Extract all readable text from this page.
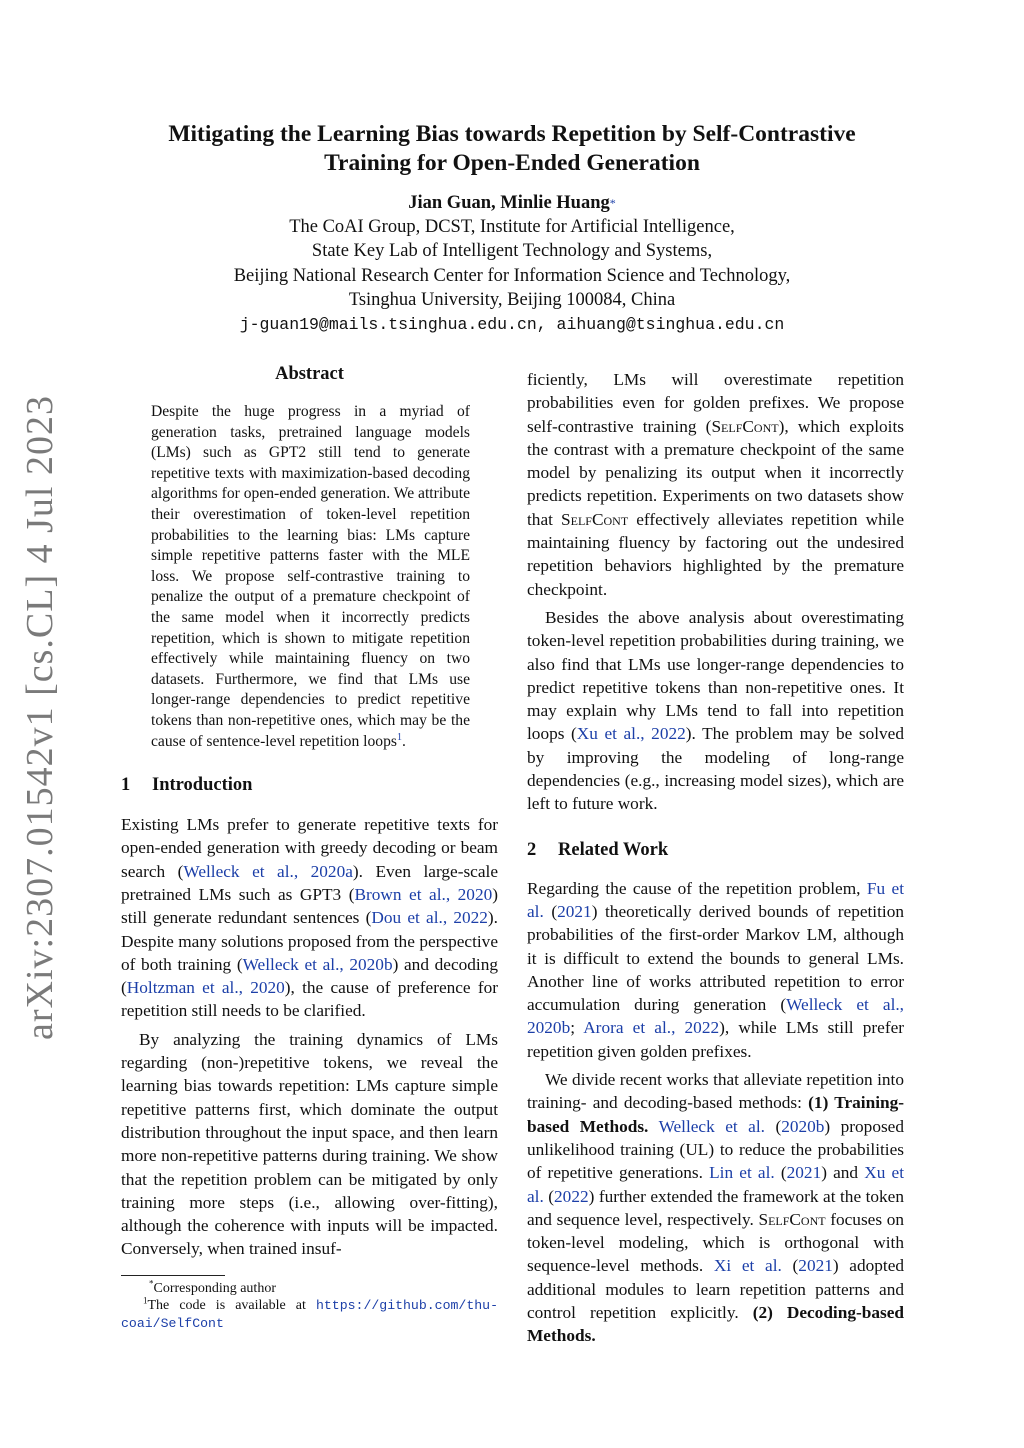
arXiv:2307.01542v1 [cs.CL] 4 Jul 2023
Mitigating the Learning Bias towards Repetition by Self-Contrastive
Training for Open-Ended Generation
Jian Guan, Minlie Huang*
The CoAI Group, DCST, Institute for Artificial Intelligence,
State Key Lab of Intelligent Technology and Systems,
Beijing National Research Center for Information Science and Technology,
Tsinghua University, Beijing 100084, China
j-guan19@mails.tsinghua.edu.cn, aihuang@tsinghua.edu.cn
Abstract

Despite the huge progress in a myriad of generation tasks, pretrained language models (LMs) such as GPT2 still tend to generate repetitive texts with maximization-based decoding algorithms for open-ended generation. We attribute their overestimation of token-level repetition probabilities to the learning bias: LMs capture simple repetitive patterns faster with the MLE loss. We propose self-contrastive training to penalize the output of a premature checkpoint of the same model when it incorrectly predicts repetition, which is shown to mitigate repetition effectively while maintaining fluency on two datasets. Furthermore, we find that LMs use longer-range dependencies to predict repetitive tokens than non-repetitive ones, which may be the cause of sentence-level repetition loops$^1$.

1 Introduction

Existing LMs prefer to generate repetitive texts for open-ended generation with greedy decoding or beam search (Welleck et al., 2020a). Even large-scale pretrained LMs such as GPT3 (Brown et al., 2020) still generate redundant sentences (Dou et al., 2022). Despite many solutions proposed from the perspective of both training (Welleck et al., 2020b) and decoding (Holtzman et al., 2020), the cause of preference for repetition still needs to be clarified.

By analyzing the training dynamics of LMs regarding (non-)repetitive tokens, we reveal the learning bias towards repetition: LMs capture simple repetitive patterns first, which dominate the output distribution throughout the input space, and then learn more non-repetitive patterns during training. We show that the repetition problem can be mitigated by only training more steps (i.e., allowing over-fitting), although the coherence with inputs will be impacted. Conversely, when trained insuf-

*Corresponding author

$^1$The code is available at https://github.com/thu-coai/SelfCont

ficiently, LMs will overestimate repetition probabilities even for golden prefixes. We propose self-contrastive training (SelfCont), which exploits the contrast with a premature checkpoint of the same model by penalizing its output when it incorrectly predicts repetition. Experiments on two datasets show that SelfCont effectively alleviates repetition while maintaining fluency by factoring out the undesired repetition behaviors highlighted by the premature checkpoint.

Besides the above analysis about overestimating token-level repetition probabilities during training, we also find that LMs use longer-range dependencies to predict repetitive tokens than non-repetitive ones. It may explain why LMs tend to fall into repetition loops (Xu et al., 2022). The problem may be solved by improving the modeling of long-range dependencies (e.g., increasing model sizes), which are left to future work.

2 Related Work

Regarding the cause of the repetition problem, Fu et al. (2021) theoretically derived bounds of repetition probabilities of the first-order Markov LM, although it is difficult to extend the bounds to general LMs. Another line of works attributed repetition to error accumulation during generation (Welleck et al., 2020b; Arora et al., 2022), while LMs still prefer repetition given golden prefixes.

We divide recent works that alleviate repetition into training- and decoding-based methods: (1) Training-based Methods. Welleck et al. (2020b) proposed unlikelihood training (UL) to reduce the probabilities of repetitive generations. Lin et al. (2021) and Xu et al. (2022) further extended the framework at the token and sequence level, respectively. SelfCont focuses on token-level modeling, which is orthogonal with sequence-level methods. Xi et al. (2021) adopted additional modules to learn repetition patterns and control repetition explicitly. (2) Decoding-based Methods.
